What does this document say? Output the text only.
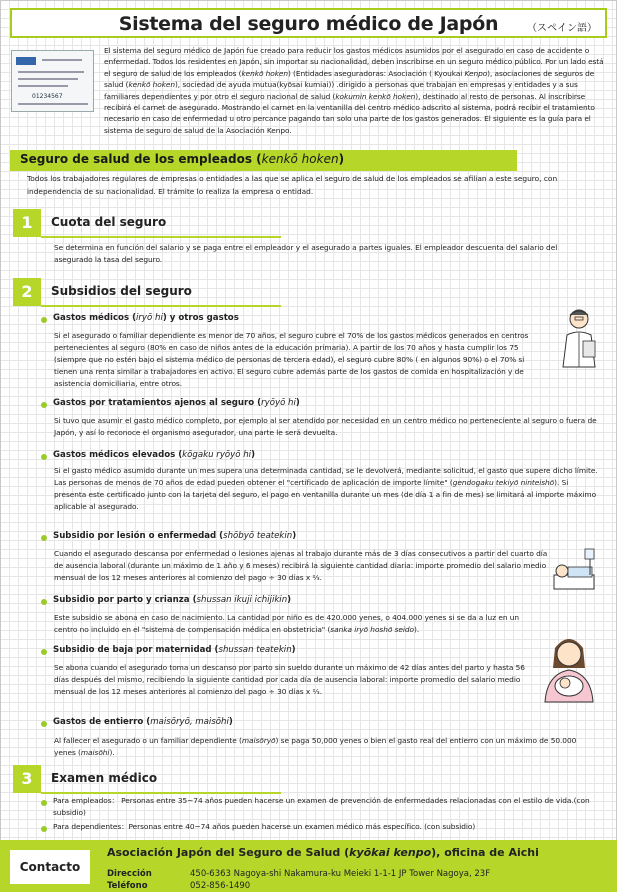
Sistema del seguro médico de Japón	（スペイン語）
01234567
El sistema del seguro médico de Japón fue creado para reducir los gastos médicos asumidos por el asegurado en caso de accidente o enfermedad. Todos los residentes en Japón, sin importar su nacionalidad, deben inscribirse en un seguro médico público. Por un lado está el seguro de salud de los empleados (kenkō hoken) (Entidades aseguradoras: Asociación ( Kyoukai Kenpo), asociaciones de seguros de salud (kenkō hoken), sociedad de ayuda mutua(kyōsai kumiai)) .dirigido a personas que trabajan en empresas y entidades y a sus familiares dependientes y por otro el seguro nacional de salud (kokumin kenkō hoken), destinado al resto de personas. Al inscribirse recibirá el carnet de asegurado. Mostrando el carnet en la ventanilla del centro médico adscrito al sistema, podrá recibir el tratamiento necesario en caso de enfermedad u otro percance pagando tan solo una parte de los gastos generados. El siguiente es la guía para el sistema de seguro de salud de la Asociación Kenpo.
Seguro de salud de los empleados (kenkō hoken)
Todos los trabajadores regulares de empresas o entidades a las que se aplica el seguro de salud de los empleados se afilian a este seguro, con independencia de su nacionalidad. El trámite lo realiza la empresa o entidad.
1	Cuota del seguro
Se determina en función del salario y se paga entre el empleador y el asegurado a partes iguales. El empleador descuenta del salario del asegurado la tasa del seguro.
2	Subsidios del seguro
Gastos médicos (iryō hi) y otros gastos
Si el asegurado o familiar dependiente es menor de 70 años, el seguro cubre el 70% de los gastos médicos generados en centros pertenecientes al seguro (80% en caso de niños antes de la educación primaria). A partir de los 70 años y hasta cumplir los 75 (siempre que no estén bajo el sistema médico de personas de tercera edad), el seguro cubre 80% ( en algunos 90%) o el 70% si tienen una renta similar a trabajadores en activo. El seguro cubre además parte de los gastos de comida en hospitalización y de asistencia domiciliaria, entre otros.
Gastos por tratamientos ajenos al seguro (ryōyō hi)
Si tuvo que asumir el gasto médico completo, por ejemplo al ser atendido por necesidad en un centro médico no perteneciente al seguro o fuera de Japón, y así lo reconoce el organismo asegurador, una parte le será devuelta.
Gastos médicos elevados (kōgaku ryōyō hi)
Si el gasto médico asumido durante un mes supera una determinada cantidad, se le devolverá, mediante solicitud, el gasto que supere dicho límite.
Las personas de menos de 70 años de edad pueden obtener el "certificado de aplicación de importe límite" (gendogaku tekiyō ninteishō). Si presenta este certificado junto con la tarjeta del seguro, el pago en ventanilla durante un mes (de día 1 a fin de mes) se limitará al importe máximo aplicable al asegurado.
Subsidio por lesión o enfermedad (shōbyō teatekin)
Cuando el asegurado descansa por enfermedad o lesiones ajenas al trabajo durante más de 3 días consecutivos a partir del cuarto día de ausencia laboral (durante un máximo de 1 año y 6 meses) recibirá la siguiente cantidad diaria: importe promedio del salario medio mensual de los 12 meses anteriores al comienzo del pago ÷ 30 días x ⅔.
Subsidio por parto y crianza (shussan ikuji ichijikin)
Este subsidio se abona en caso de nacimiento. La cantidad por niño es de 420.000 yenes, o 404.000 yenes si se da a luz en un centro no incluido en el "sistema de compensación médica en obstetricia" (sanka iryō hoshō seido).
Subsidio de baja por maternidad (shussan teatekin)
Se abona cuando el asegurado toma un descanso por parto sin sueldo durante un máximo de 42 días antes del parto y hasta 56 días después del mismo, recibiendo la siguiente cantidad por cada día de ausencia laboral: importe promedio del salario medio mensual de los 12 meses anteriores al comienzo del pago ÷ 30 días x ⅔.
Gastos de entierro (maisōryō, maisōhi)
Al fallecer el asegurado o un familiar dependiente (maisōryō) se paga 50,000 yenes o bien el gasto real del entierro con un máximo de 50.000 yenes (maisōhi).
3	Examen médico
Para empleados： Personas entre 35~74 años pueden hacerse un examen de prevención de enfermedades relacionadas con el estilo de vida.(con subsidio)
Para dependientes：Personas entre 40~74 años pueden hacerse un examen médico más específico. (con subsidio)
Contacto
Asociación Japón del Seguro de Salud (kyōkai kenpo), oficina de Aichi
Dirección	450-6363 Nagoya-shi Nakamura-ku Meieki 1-1-1 JP Tower Nagoya, 23F
Teléfono	052-856-1490
